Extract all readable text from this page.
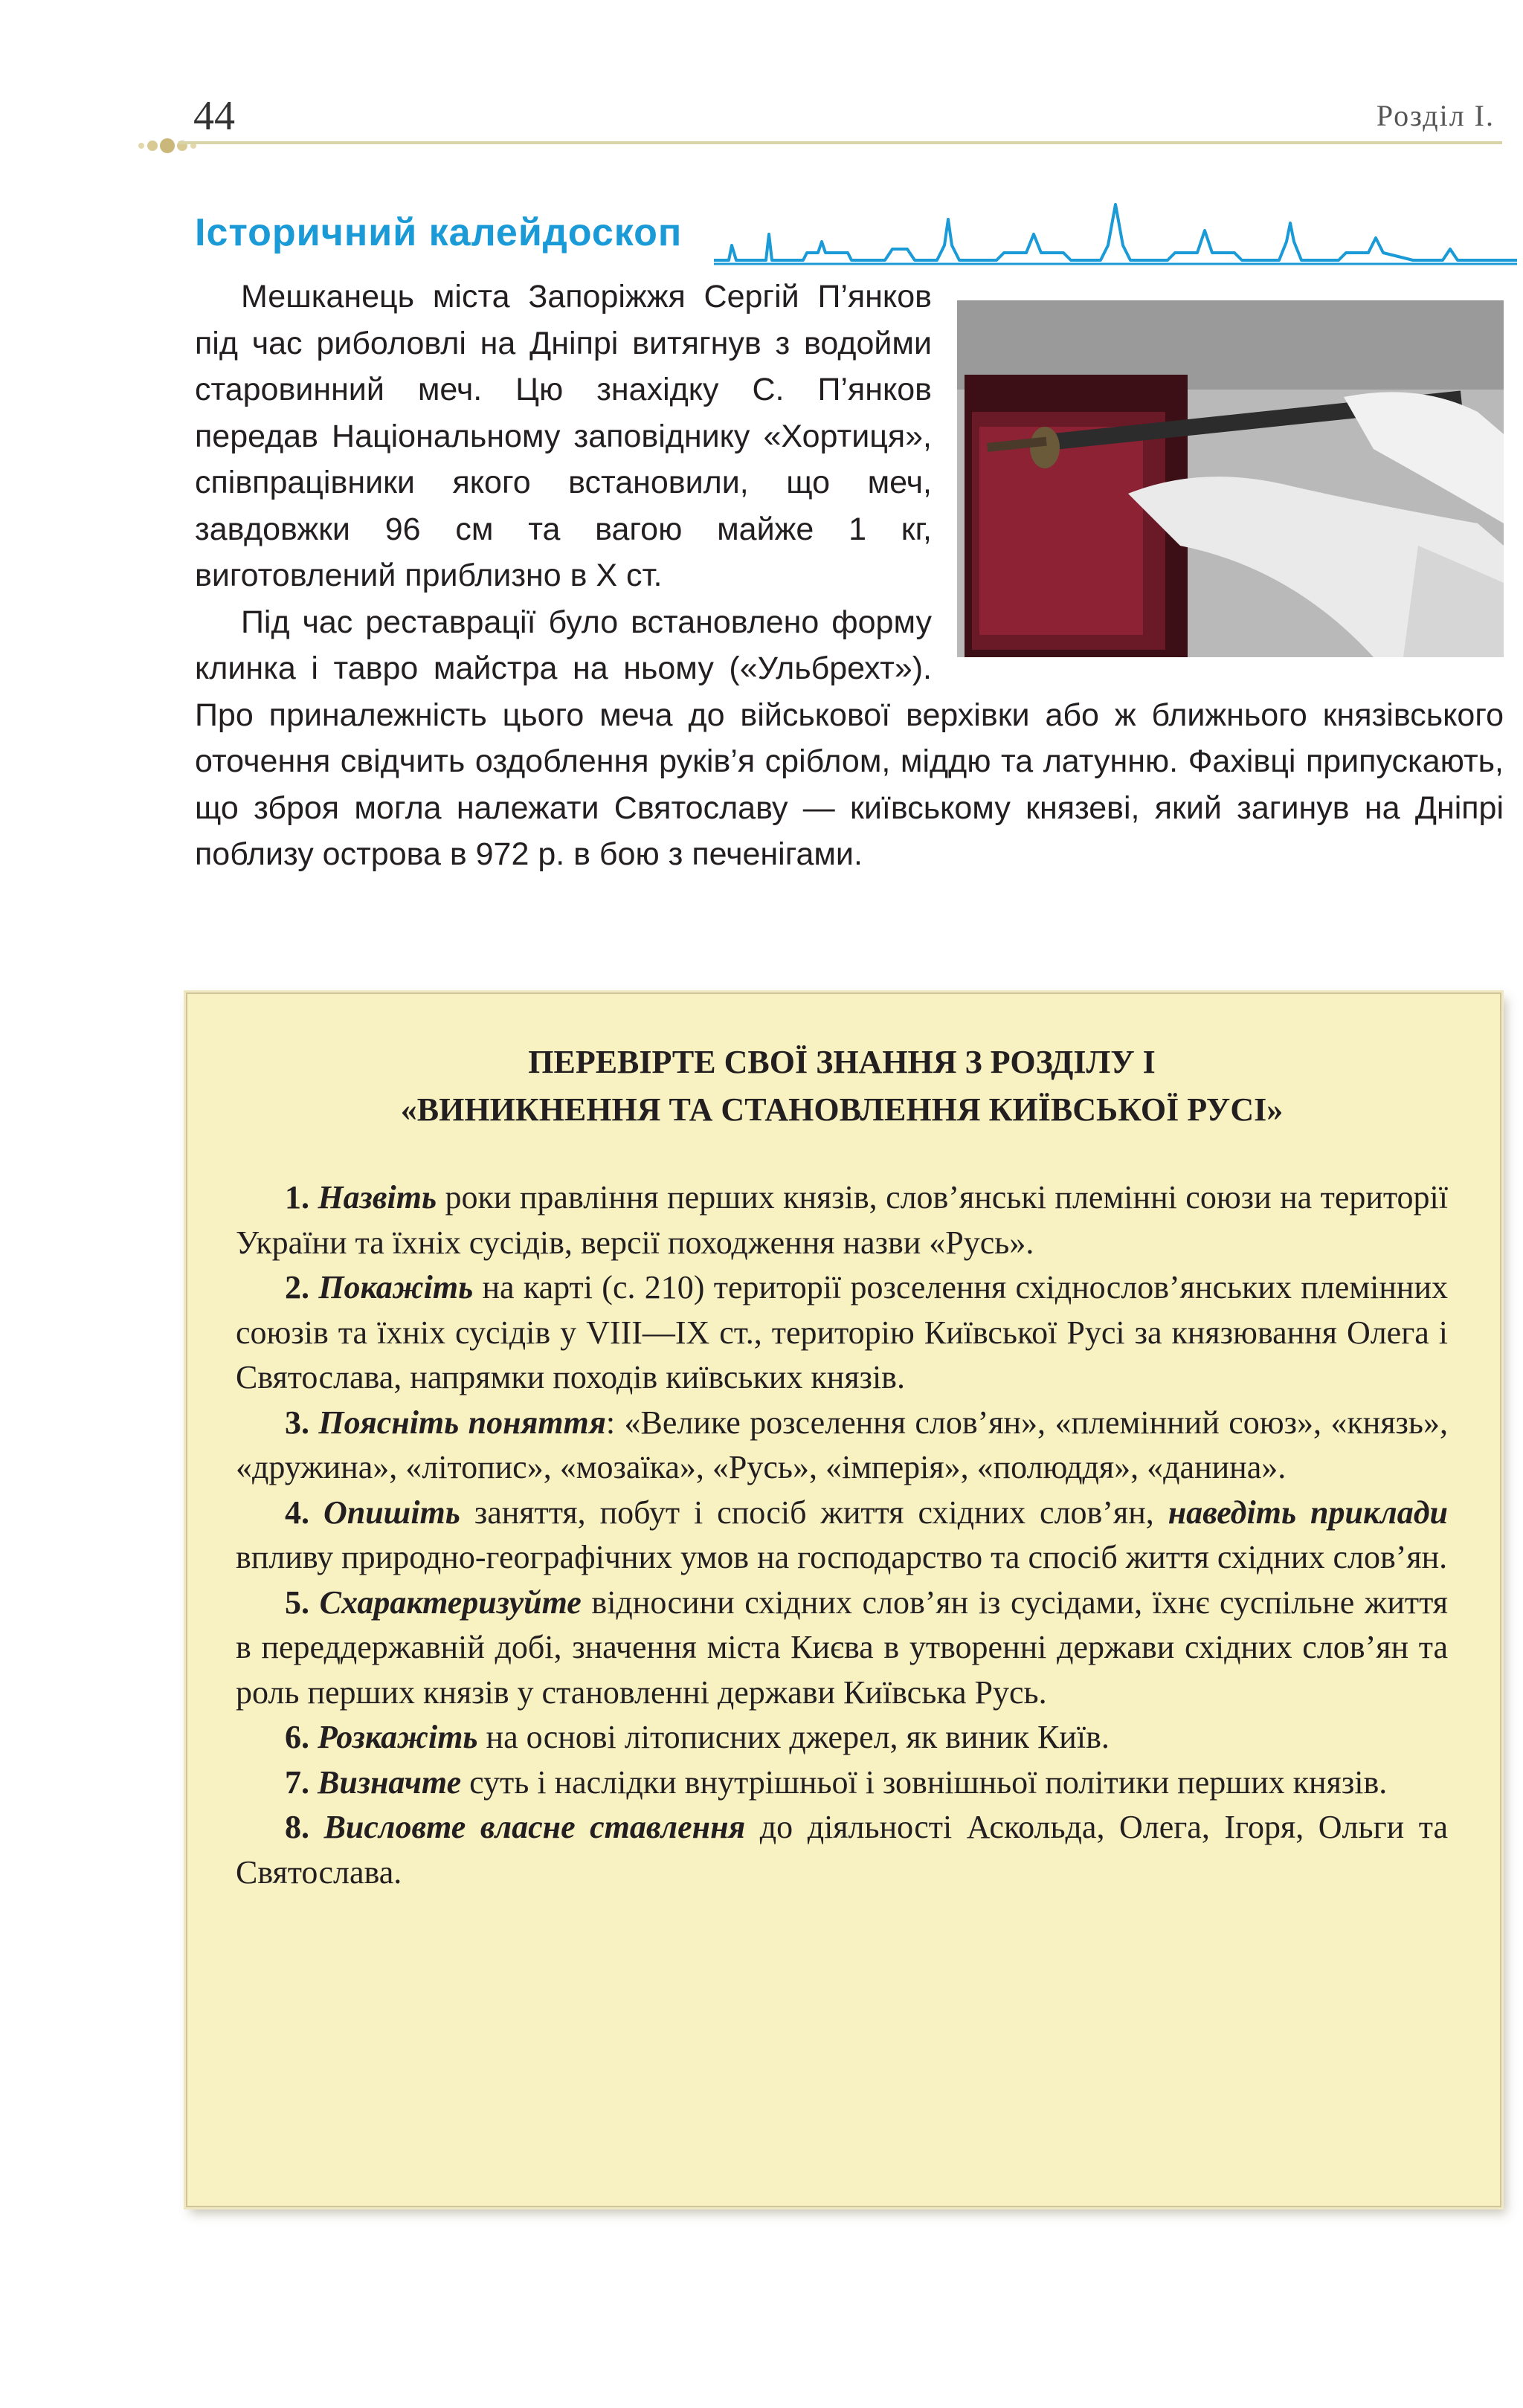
44	Розділ I.
Історичний калейдоскоп

Мешканець міста Запоріжжя Сергій П’янков під час риболовлі на Дніпрі витягнув з водойми старовинний меч. Цю знахідку С. П’янков передав Національному заповіднику «Хортиця», співпрацівники якого встановили, що меч, завдовжки 96 см та вагою майже 1 кг, виготовлений приблизно в X ст.

Під час реставрації було встановлено форму клинка і тавро майстра на ньому («Ульбрехт»). Про приналежність цього меча до військової верхівки або ж ближнього князівського оточення свідчить оздоблення руків’я сріблом, міддю та латунню. Фахівці припускають, що зброя могла належати Святославу — київському князеві, який загинув на Дніпрі поблизу острова в 972 р. в бою з печенігами.

ПЕРЕВІРТЕ СВОЇ ЗНАННЯ З РОЗДІЛУ I
«ВИНИКНЕННЯ ТА СТАНОВЛЕННЯ КИЇВСЬКОЇ РУСІ»

1. Назвіть роки правління перших князів, слов’янські племінні союзи на території України та їхніх сусідів, версії походження назви «Русь».

2. Покажіть на карті (с. 210) території розселення східнослов’янських племінних союзів та їхніх сусідів у VIII—IX ст., територію Київської Русі за князювання Олега і Святослава, напрямки походів київських князів.

3. Поясніть поняття: «Велике розселення слов’ян», «племінний союз», «князь», «дружина», «літопис», «мозаїка», «Русь», «імперія», «полюддя», «данина».

4. Опишіть заняття, побут і спосіб життя східних слов’ян, наведіть приклади впливу природно-географічних умов на господарство та спосіб життя східних слов’ян.

5. Схарактеризуйте відносини східних слов’ян із сусідами, їхнє суспільне життя в переддержавній добі, значення міста Києва в утворенні держави східних слов’ян та роль перших князів у становленні держави Київська Русь.

6. Розкажіть на основі літописних джерел, як виник Київ.

7. Визначте суть і наслідки внутрішньої і зовнішньої політики перших князів.

8. Висловте власне ставлення до діяльності Аскольда, Олега, Ігоря, Ольги та Святослава.
